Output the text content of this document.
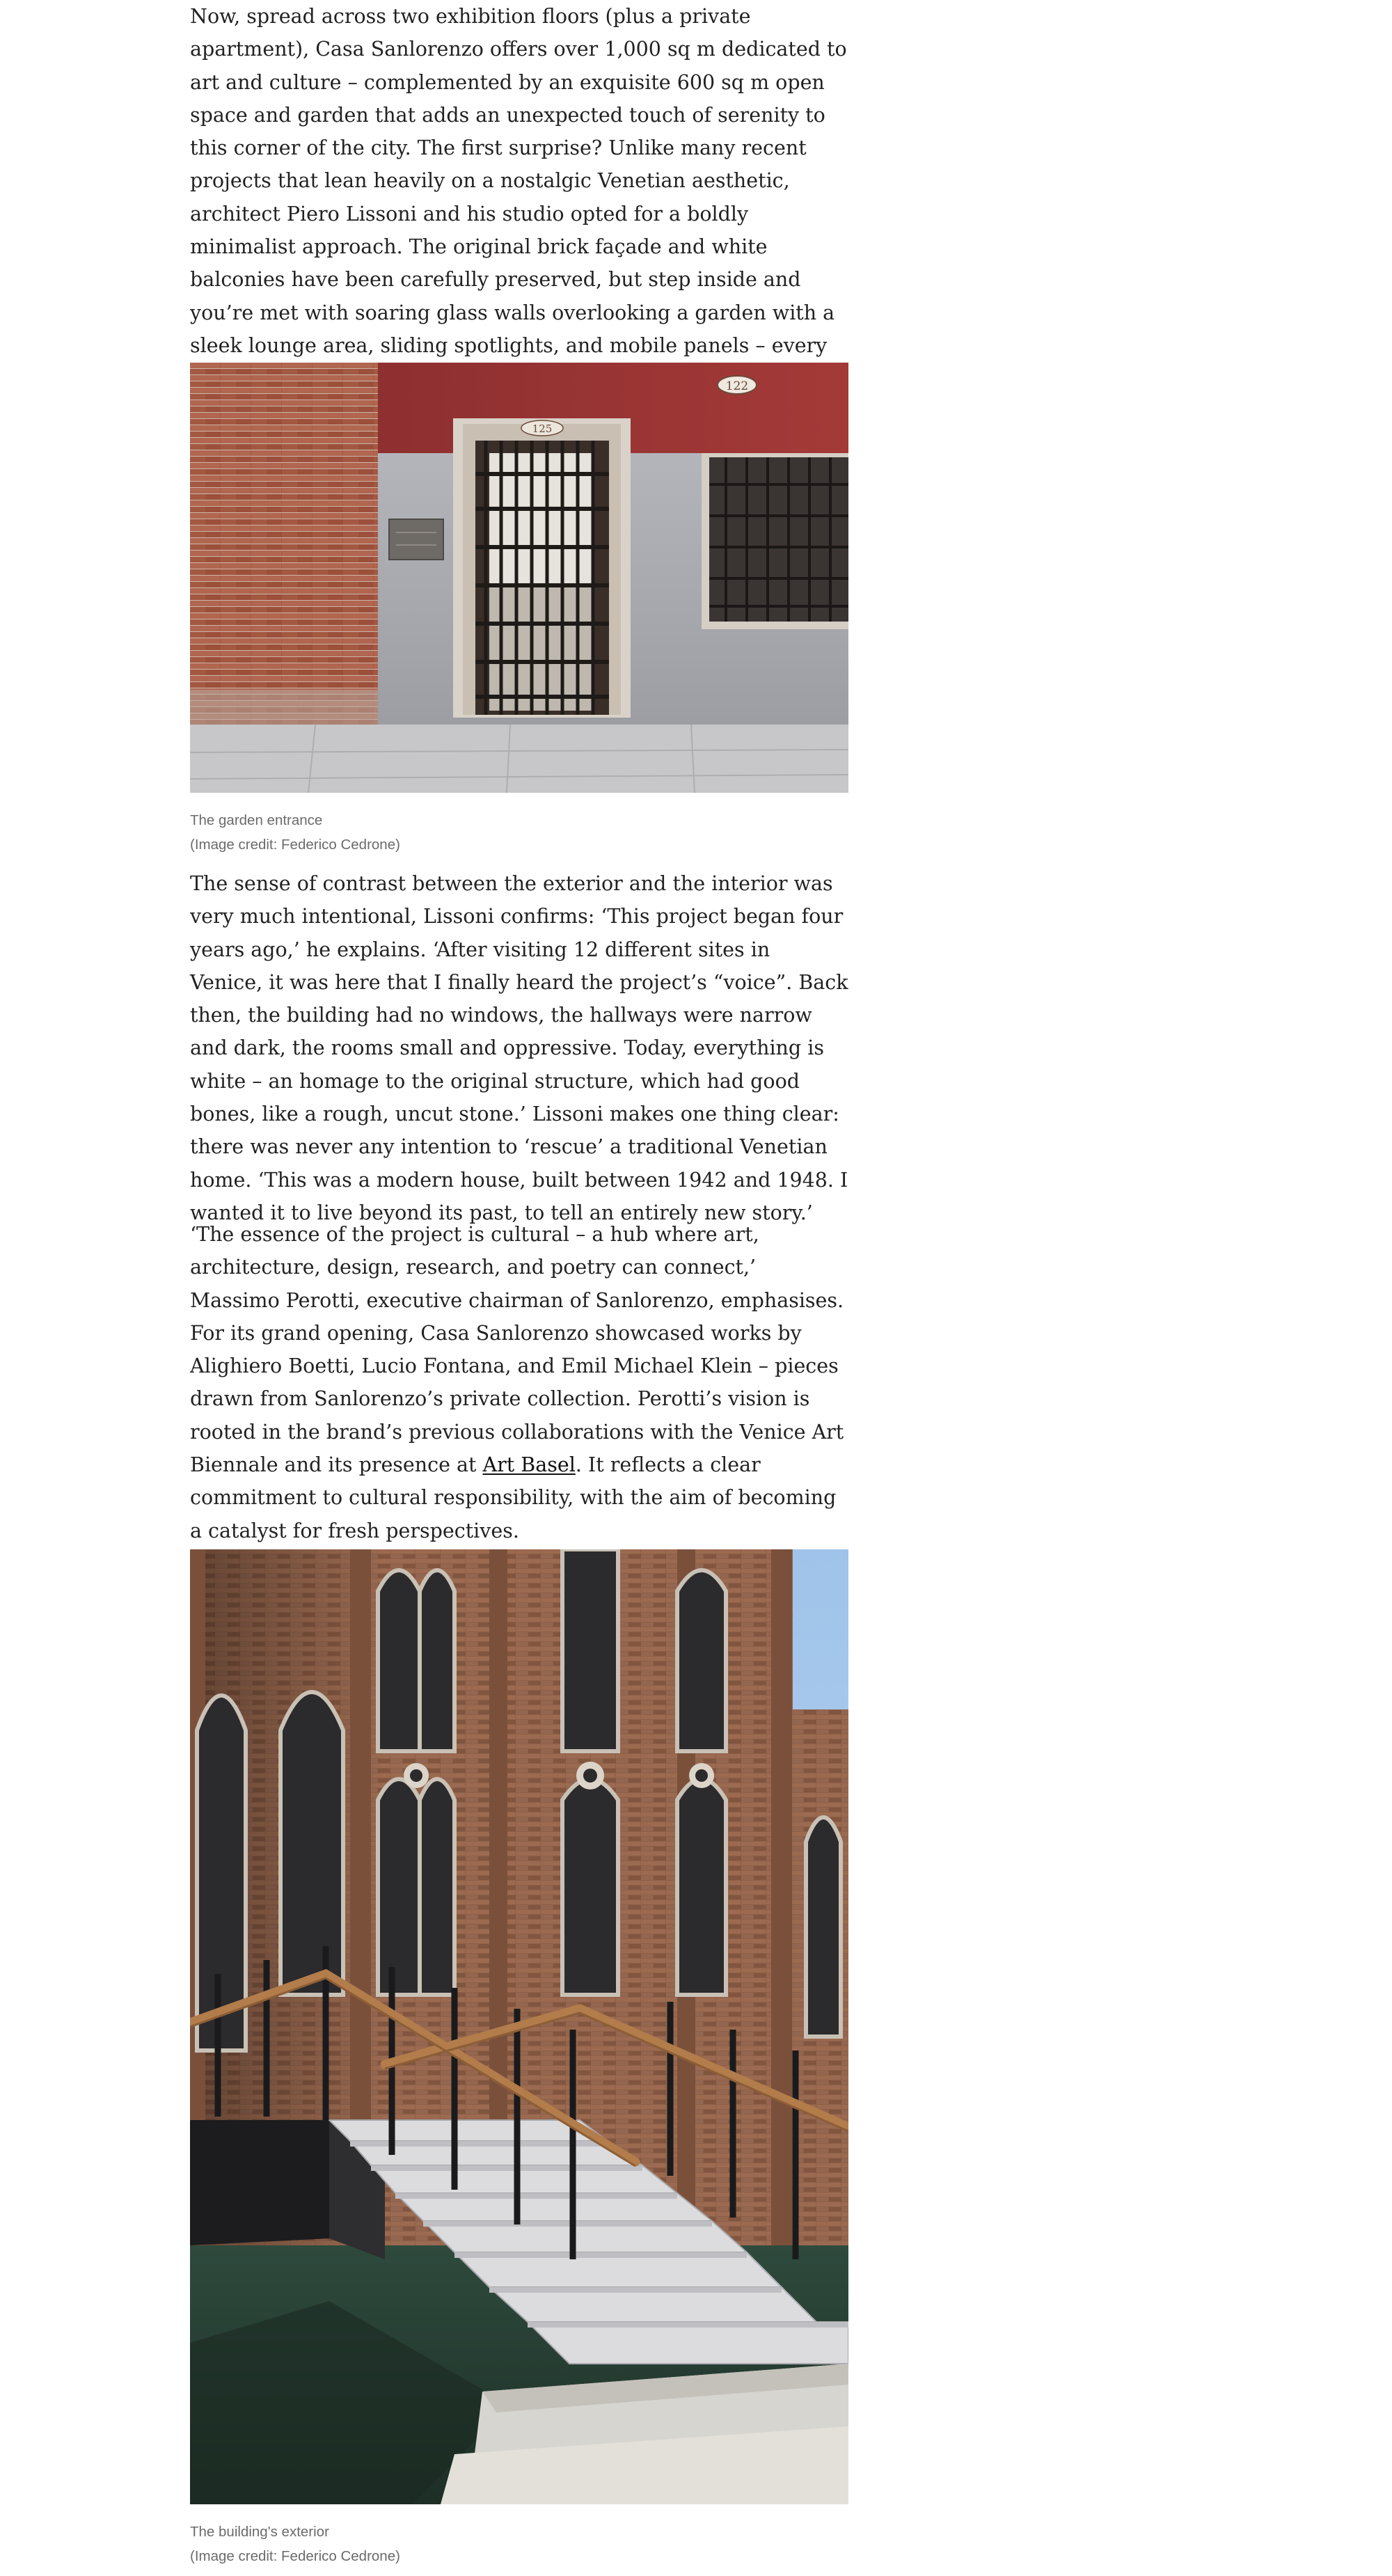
Now, spread across two exhibition floors (plus a private apartment), Casa Sanlorenzo offers over 1,000 sq m dedicated to art and culture – complemented by an exquisite 600 sq m open space and garden that adds an unexpected touch of serenity to this corner of the city. The first surprise? Unlike many recent projects that lean heavily on a nostalgic Venetian aesthetic, architect Piero Lissoni and his studio opted for a boldly minimalist approach. The original brick façade and white balconies have been carefully preserved, but step inside and you’re met with soaring glass walls overlooking a garden with a sleek lounge area, sliding spotlights, and mobile panels – every

122
125
The garden entrance
(Image credit: Federico Cedrone)

The sense of contrast between the exterior and the interior was very much intentional, Lissoni confirms: ‘This project began four years ago,’ he explains. ‘After visiting 12 different sites in Venice, it was here that I finally heard the project’s “voice”. Back then, the building had no windows, the hallways were narrow and dark, the rooms small and oppressive. Today, everything is white – an homage to the original structure, which had good bones, like a rough, uncut stone.’ Lissoni makes one thing clear: there was never any intention to ‘rescue’ a traditional Venetian home. ‘This was a modern house, built between 1942 and 1948. I wanted it to live beyond its past, to tell an entirely new story.’

‘The essence of the project is cultural – a hub where art, architecture, design, research, and poetry can connect,’ Massimo Perotti, executive chairman of Sanlorenzo, emphasises. For its grand opening, Casa Sanlorenzo showcased works by Alighiero Boetti, Lucio Fontana, and Emil Michael Klein – pieces drawn from Sanlorenzo’s private collection. Perotti’s vision is rooted in the brand’s previous collaborations with the Venice Art Biennale and its presence at Art Basel. It reflects a clear commitment to cultural responsibility, with the aim of becoming a catalyst for fresh perspectives.

The building's exterior
(Image credit: Federico Cedrone)
